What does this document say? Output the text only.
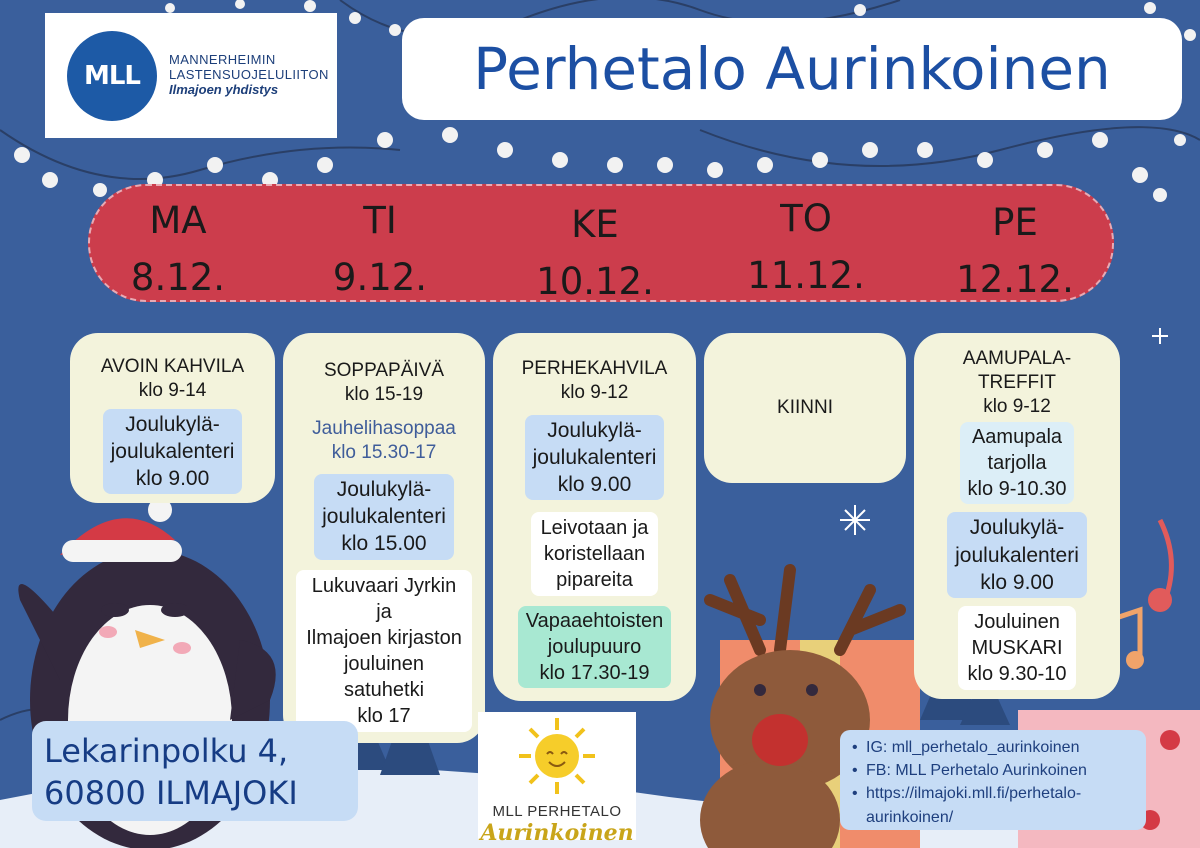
MLL
MANNERHEIMIN
LASTENSUOJELULIITON
Ilmajoen yhdistys	Perhetalo Aurinkoinen
MA
8.12.
TI
9.12.
KE
10.12.
TO
11.12.
PE
12.12.
AVOIN KAHVILA
klo 9-14
Joulukylä-
joulukalenteri
klo 9.00
SOPPAPÄIVÄ
klo 15-19
Jauhelihasoppaa
klo 15.30-17
Joulukylä-
joulukalenteri
klo 15.00

Lukuvaari Jyrkin
ja
Ilmajoen kirjaston
jouluinen
satuhetki
klo 17
PERHEKAHVILA
klo 9-12
Joulukylä-
joulukalenteri
klo 9.00

Leivotaan ja
koristellaan
pipareita

Vapaaehtoisten
joulupuuro
klo 17.30-19
KIINNI
AAMUPALA-
TREFFIT
klo 9-12
Aamupala
tarjolla
klo 9-10.30

Joulukylä-
joulukalenteri
klo 9.00

Jouluinen
MUSKARI
klo 9.30-10
Lekarinpolku 4,
60800 ILMAJOKI	MLL PERHETALO
Aurinkoinen
• IG: mll_perhetalo_aurinkoinen
• FB: MLL Perhetalo Aurinkoinen
• https://ilmajoki.mll.fi/perhetalo-
aurinkoinen/
